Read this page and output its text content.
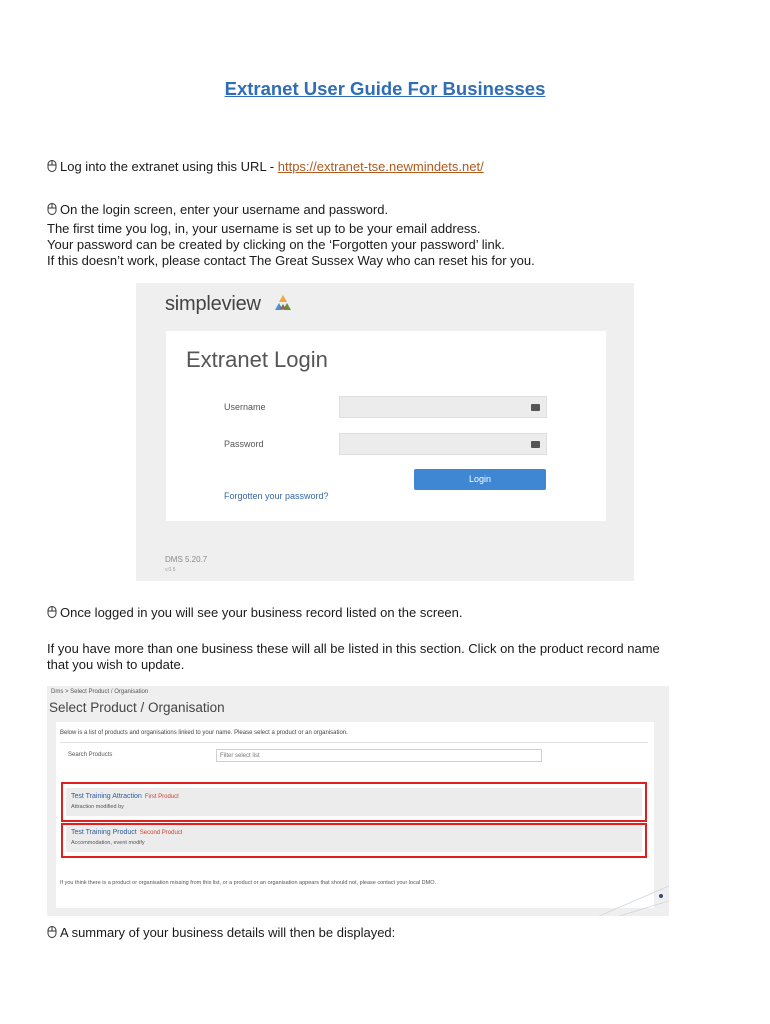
Extranet User Guide For Businesses
Log into the extranet using this URL - https://extranet-tse.newmindets.net/
On the login screen, enter your username and password.
The first time you log, in, your username is set up to be your email address.
Your password can be created by clicking on the ‘Forgotten your password’ link.
If this doesn’t work, please contact The Great Sussex Way who can reset his for you.
simpleview
Extranet Login
Username
Password
Login
Forgotten your password?
DMS 5.20.7
v.0.5
Once logged in you will see your business record listed on the screen.
If you have more than one business these will all be listed in this section. Click on the product record name
that you wish to update.
Dms > Select Product / Organisation
Select Product / Organisation
Below is a list of products and organisations linked to your name. Please select a product or an organisation.
Search Products	Filter select list
Test Training Attraction First Product
Attraction modified by
Test Training Product Second Product
Accommodation, event modify
If you think there is a product or organisation missing from this list, or a product or an organisation appears that should not, please contact your local DMO.
A summary of your business details will then be displayed:
